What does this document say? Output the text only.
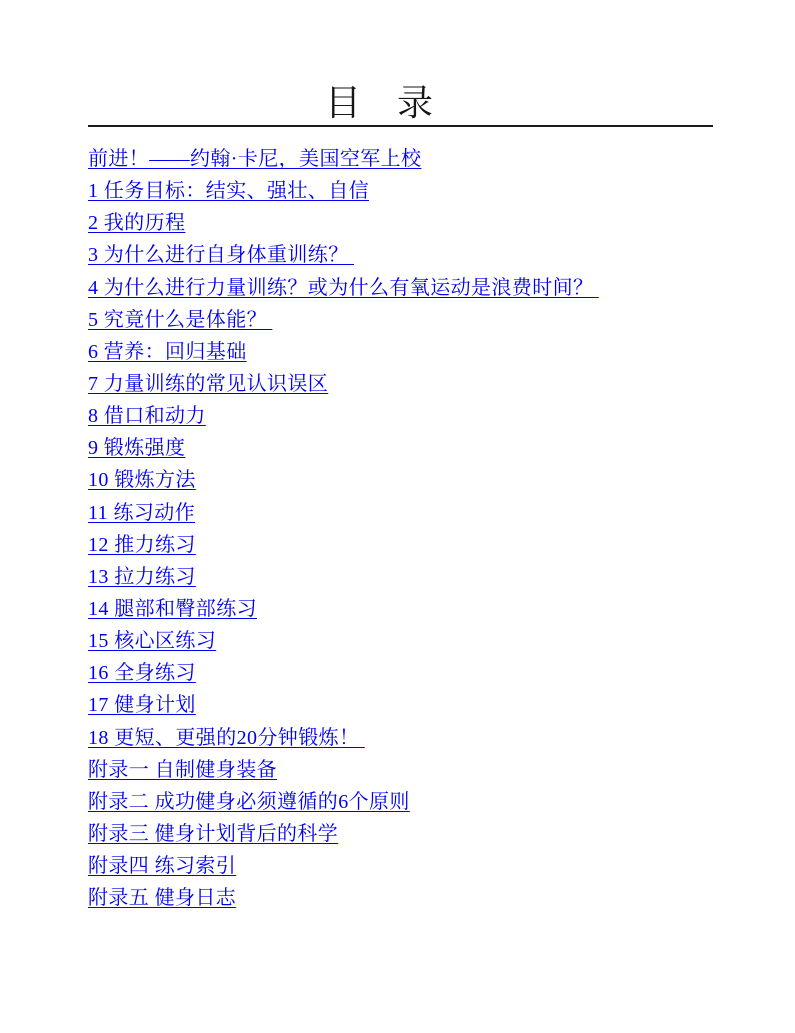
目　录
前进！——约翰·卡尼，美国空军上校
1 任务目标：结实、强壮、自信
2 我的历程
3 为什么进行自身体重训练？
4 为什么进行力量训练？或为什么有氧运动是浪费时间？
5 究竟什么是体能？
6 营养：回归基础
7 力量训练的常见认识误区
8 借口和动力
9 锻炼强度
10 锻炼方法
11 练习动作
12 推力练习
13 拉力练习
14 腿部和臀部练习
15 核心区练习
16 全身练习
17 健身计划
18 更短、更强的20分钟锻炼！
附录一 自制健身装备
附录二 成功健身必须遵循的6个原则
附录三 健身计划背后的科学
附录四 练习索引
附录五 健身日志
